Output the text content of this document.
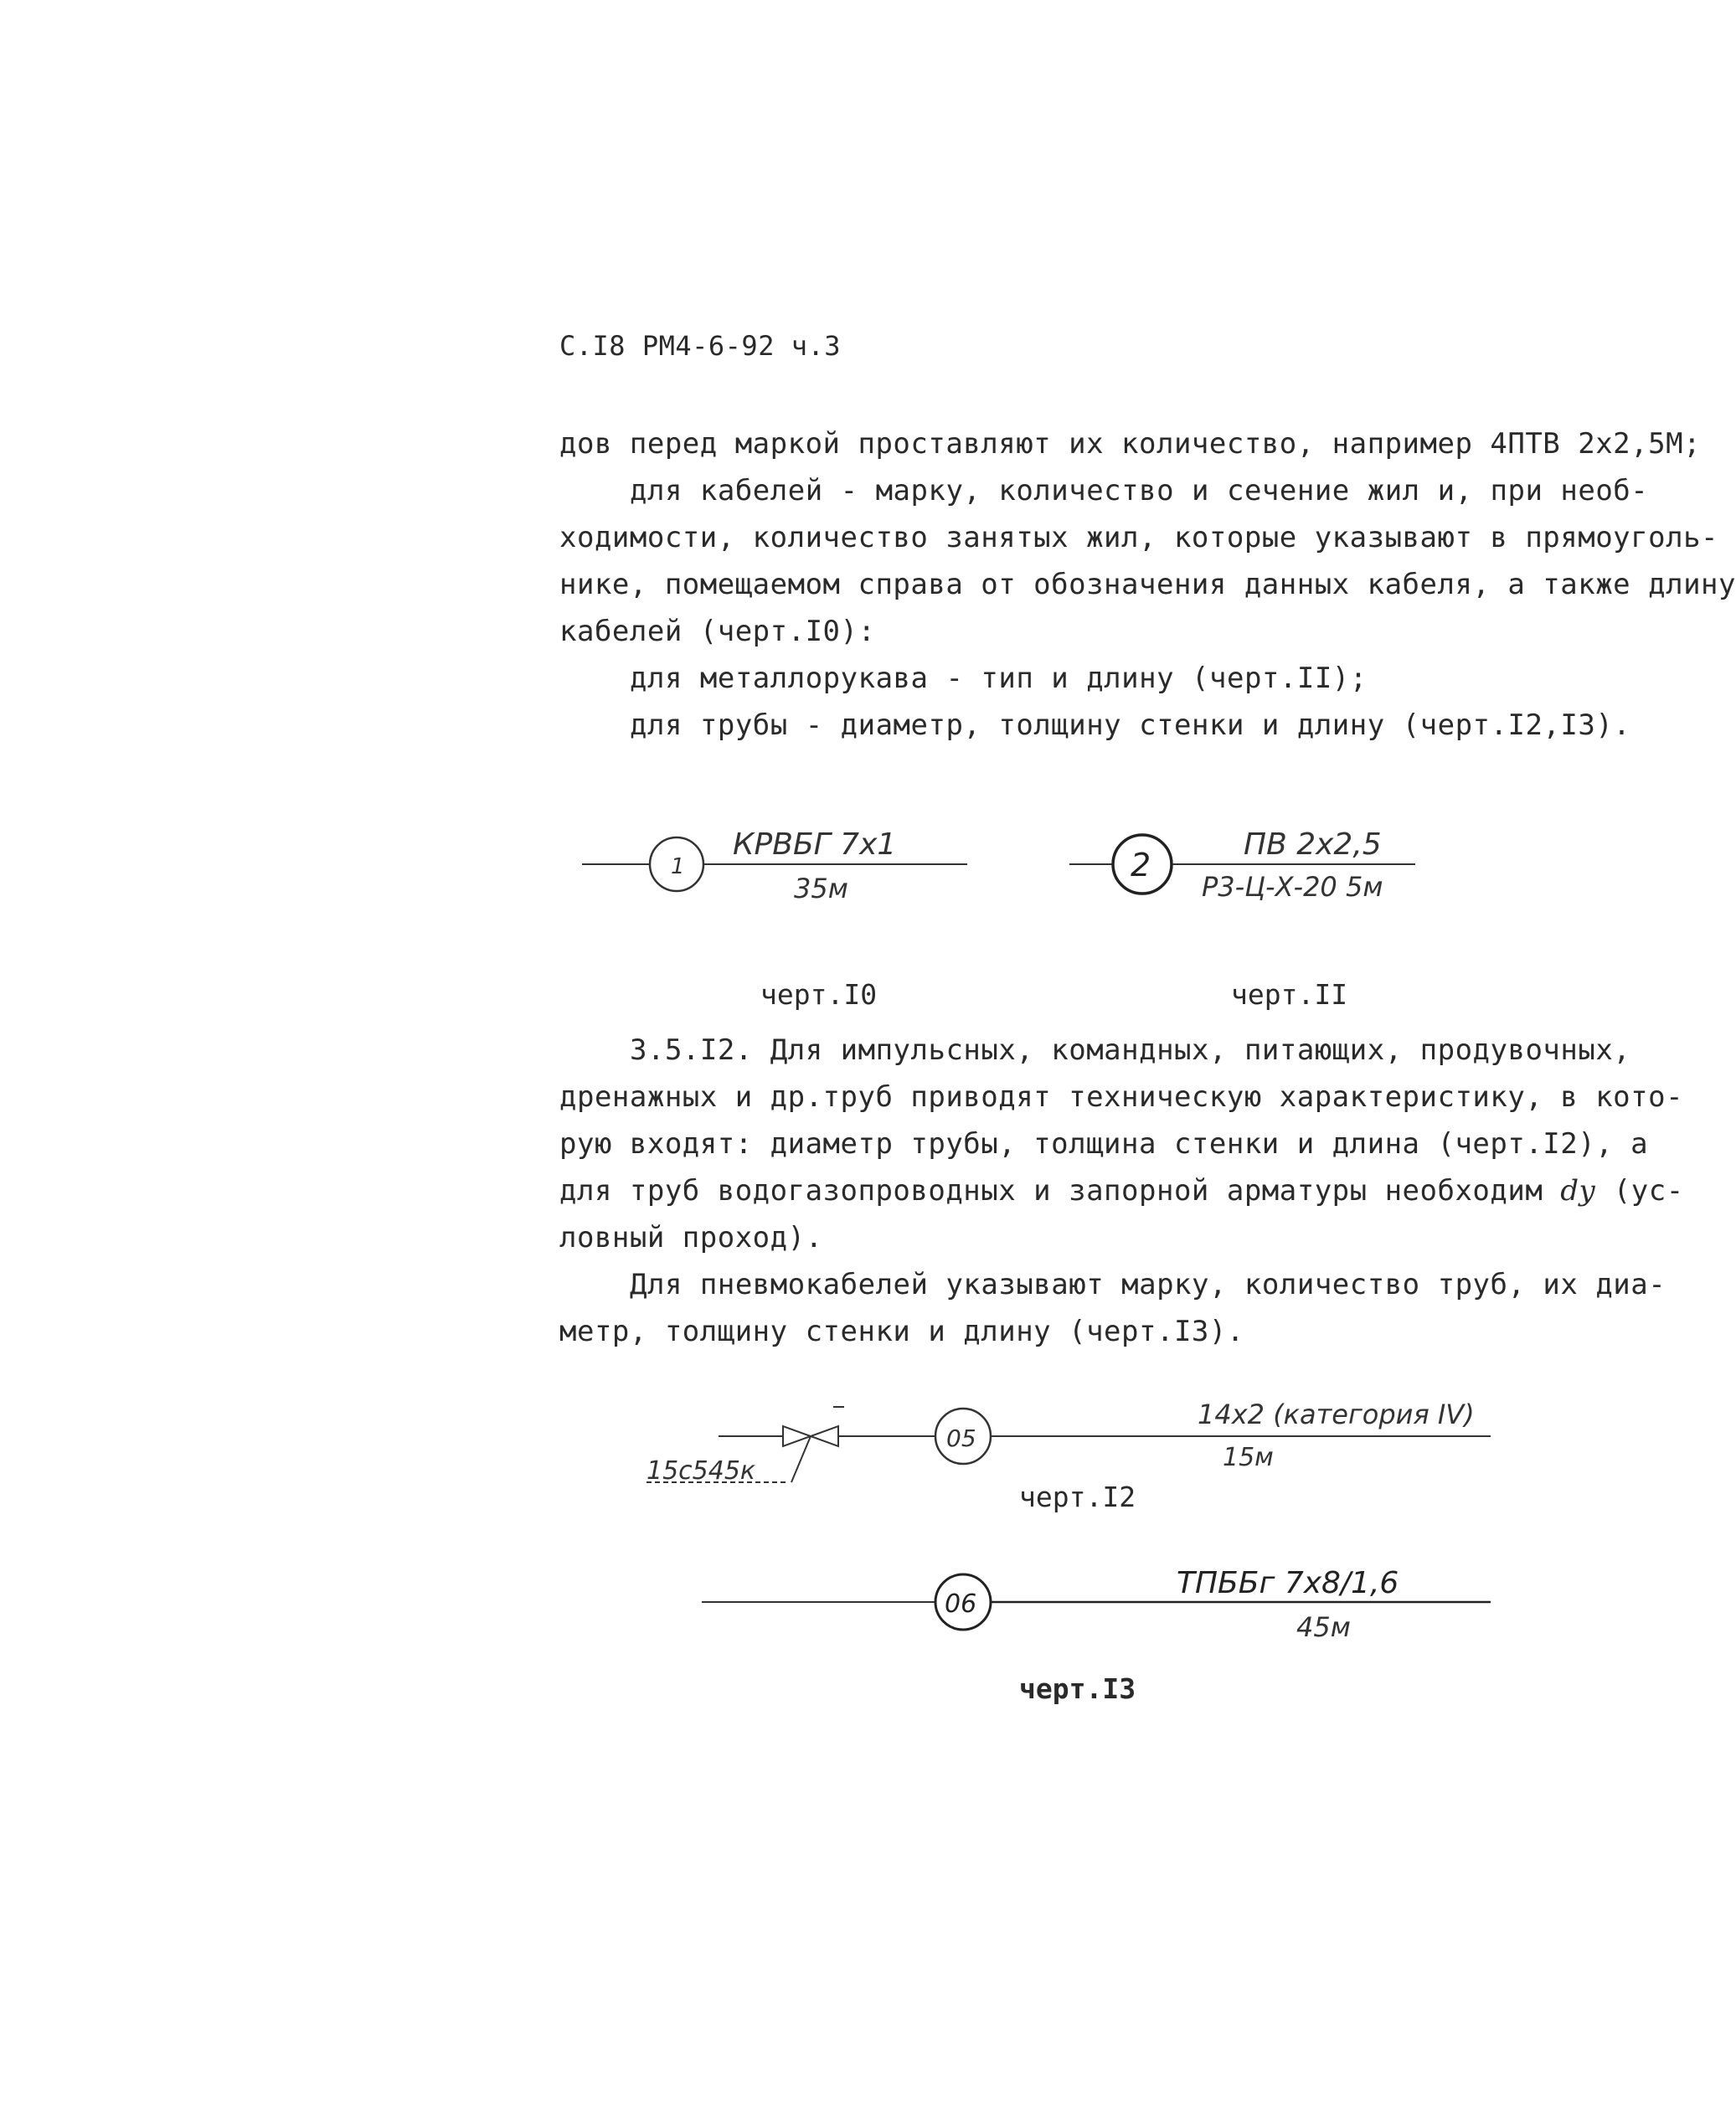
С.I8 РМ4-6-92 ч.3
дов перед маркой проставляют их количество, например 4ПТВ 2х2,5М;
для кабелей - марку, количество и сечение жил и, при необ-
ходимости, количество занятых жил, которые указывают в прямоуголь-
нике, помещаемом справа от обозначения данных кабеля, а также длину
кабелей (черт.I0):
для металлорукава - тип и длину (черт.II);
для трубы - диаметр, толщину стенки и длину (черт.I2,I3).
1
КРВБГ 7х1
35м
2
ПВ 2х2,5
Р3-Ц-Х-20 5м
черт.I0	черт.II
3.5.I2. Для импульсных, командных, питающих, продувочных,
дренажных и др.труб приводят техническую характеристику, в кото-
рую входят: диаметр трубы, толщина стенки и длина (черт.I2), а
для труб водогазопроводных и запорной арматуры необходим dу (ус-
ловный проход).
Для пневмокабелей указывают марку, количество труб, их диа-
метр, толщину стенки и длину (черт.I3).
05
14х2 (категория IV)
15м
15с545к
черт.I2
06
ТПББг 7х8/1,6
45м
черт.I3
